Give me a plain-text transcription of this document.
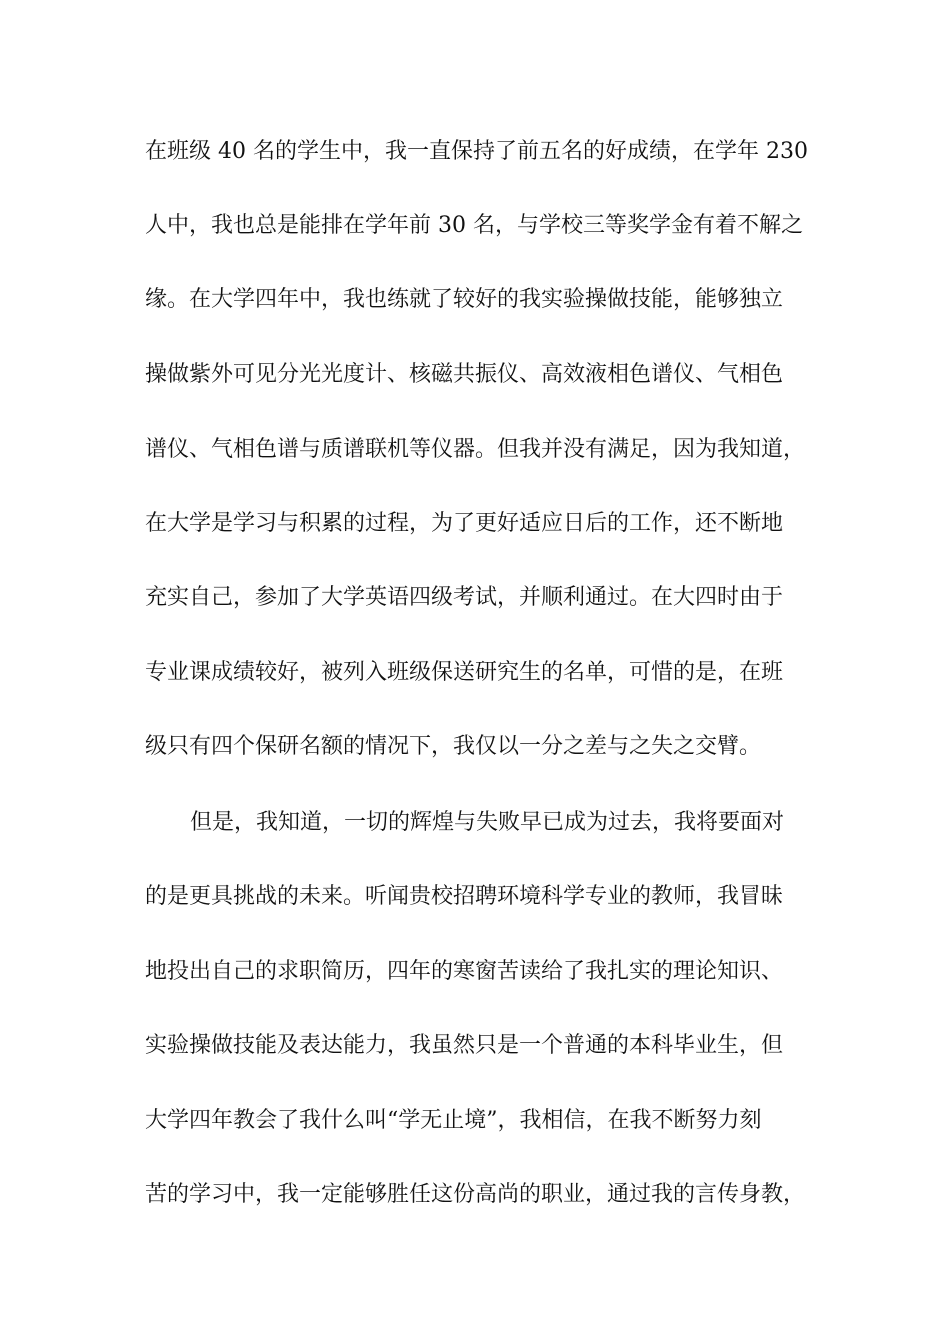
在班级 40 名的学生中，我一直保持了前五名的好成绩，在学年 230
人中，我也总是能排在学年前 30 名，与学校三等奖学金有着不解之
缘。在大学四年中，我也练就了较好的我实验操做技能，能够独立
操做紫外可见分光光度计、核磁共振仪、高效液相色谱仪、气相色
谱仪、气相色谱与质谱联机等仪器。但我并没有满足，因为我知道，
在大学是学习与积累的过程，为了更好适应日后的工作，还不断地
充实自己，参加了大学英语四级考试，并顺利通过。在大四时由于
专业课成绩较好，被列入班级保送研究生的名单，可惜的是，在班
级只有四个保研名额的情况下，我仅以一分之差与之失之交臂。
但是，我知道，一切的辉煌与失败早已成为过去，我将要面对
的是更具挑战的未来。听闻贵校招聘环境科学专业的教师，我冒昧
地投出自己的求职简历，四年的寒窗苦读给了我扎实的理论知识、
实验操做技能及表达能力，我虽然只是一个普通的本科毕业生，但
大学四年教会了我什么叫“学无止境”，我相信，在我不断努力刻
苦的学习中，我一定能够胜任这份高尚的职业，通过我的言传身教，
